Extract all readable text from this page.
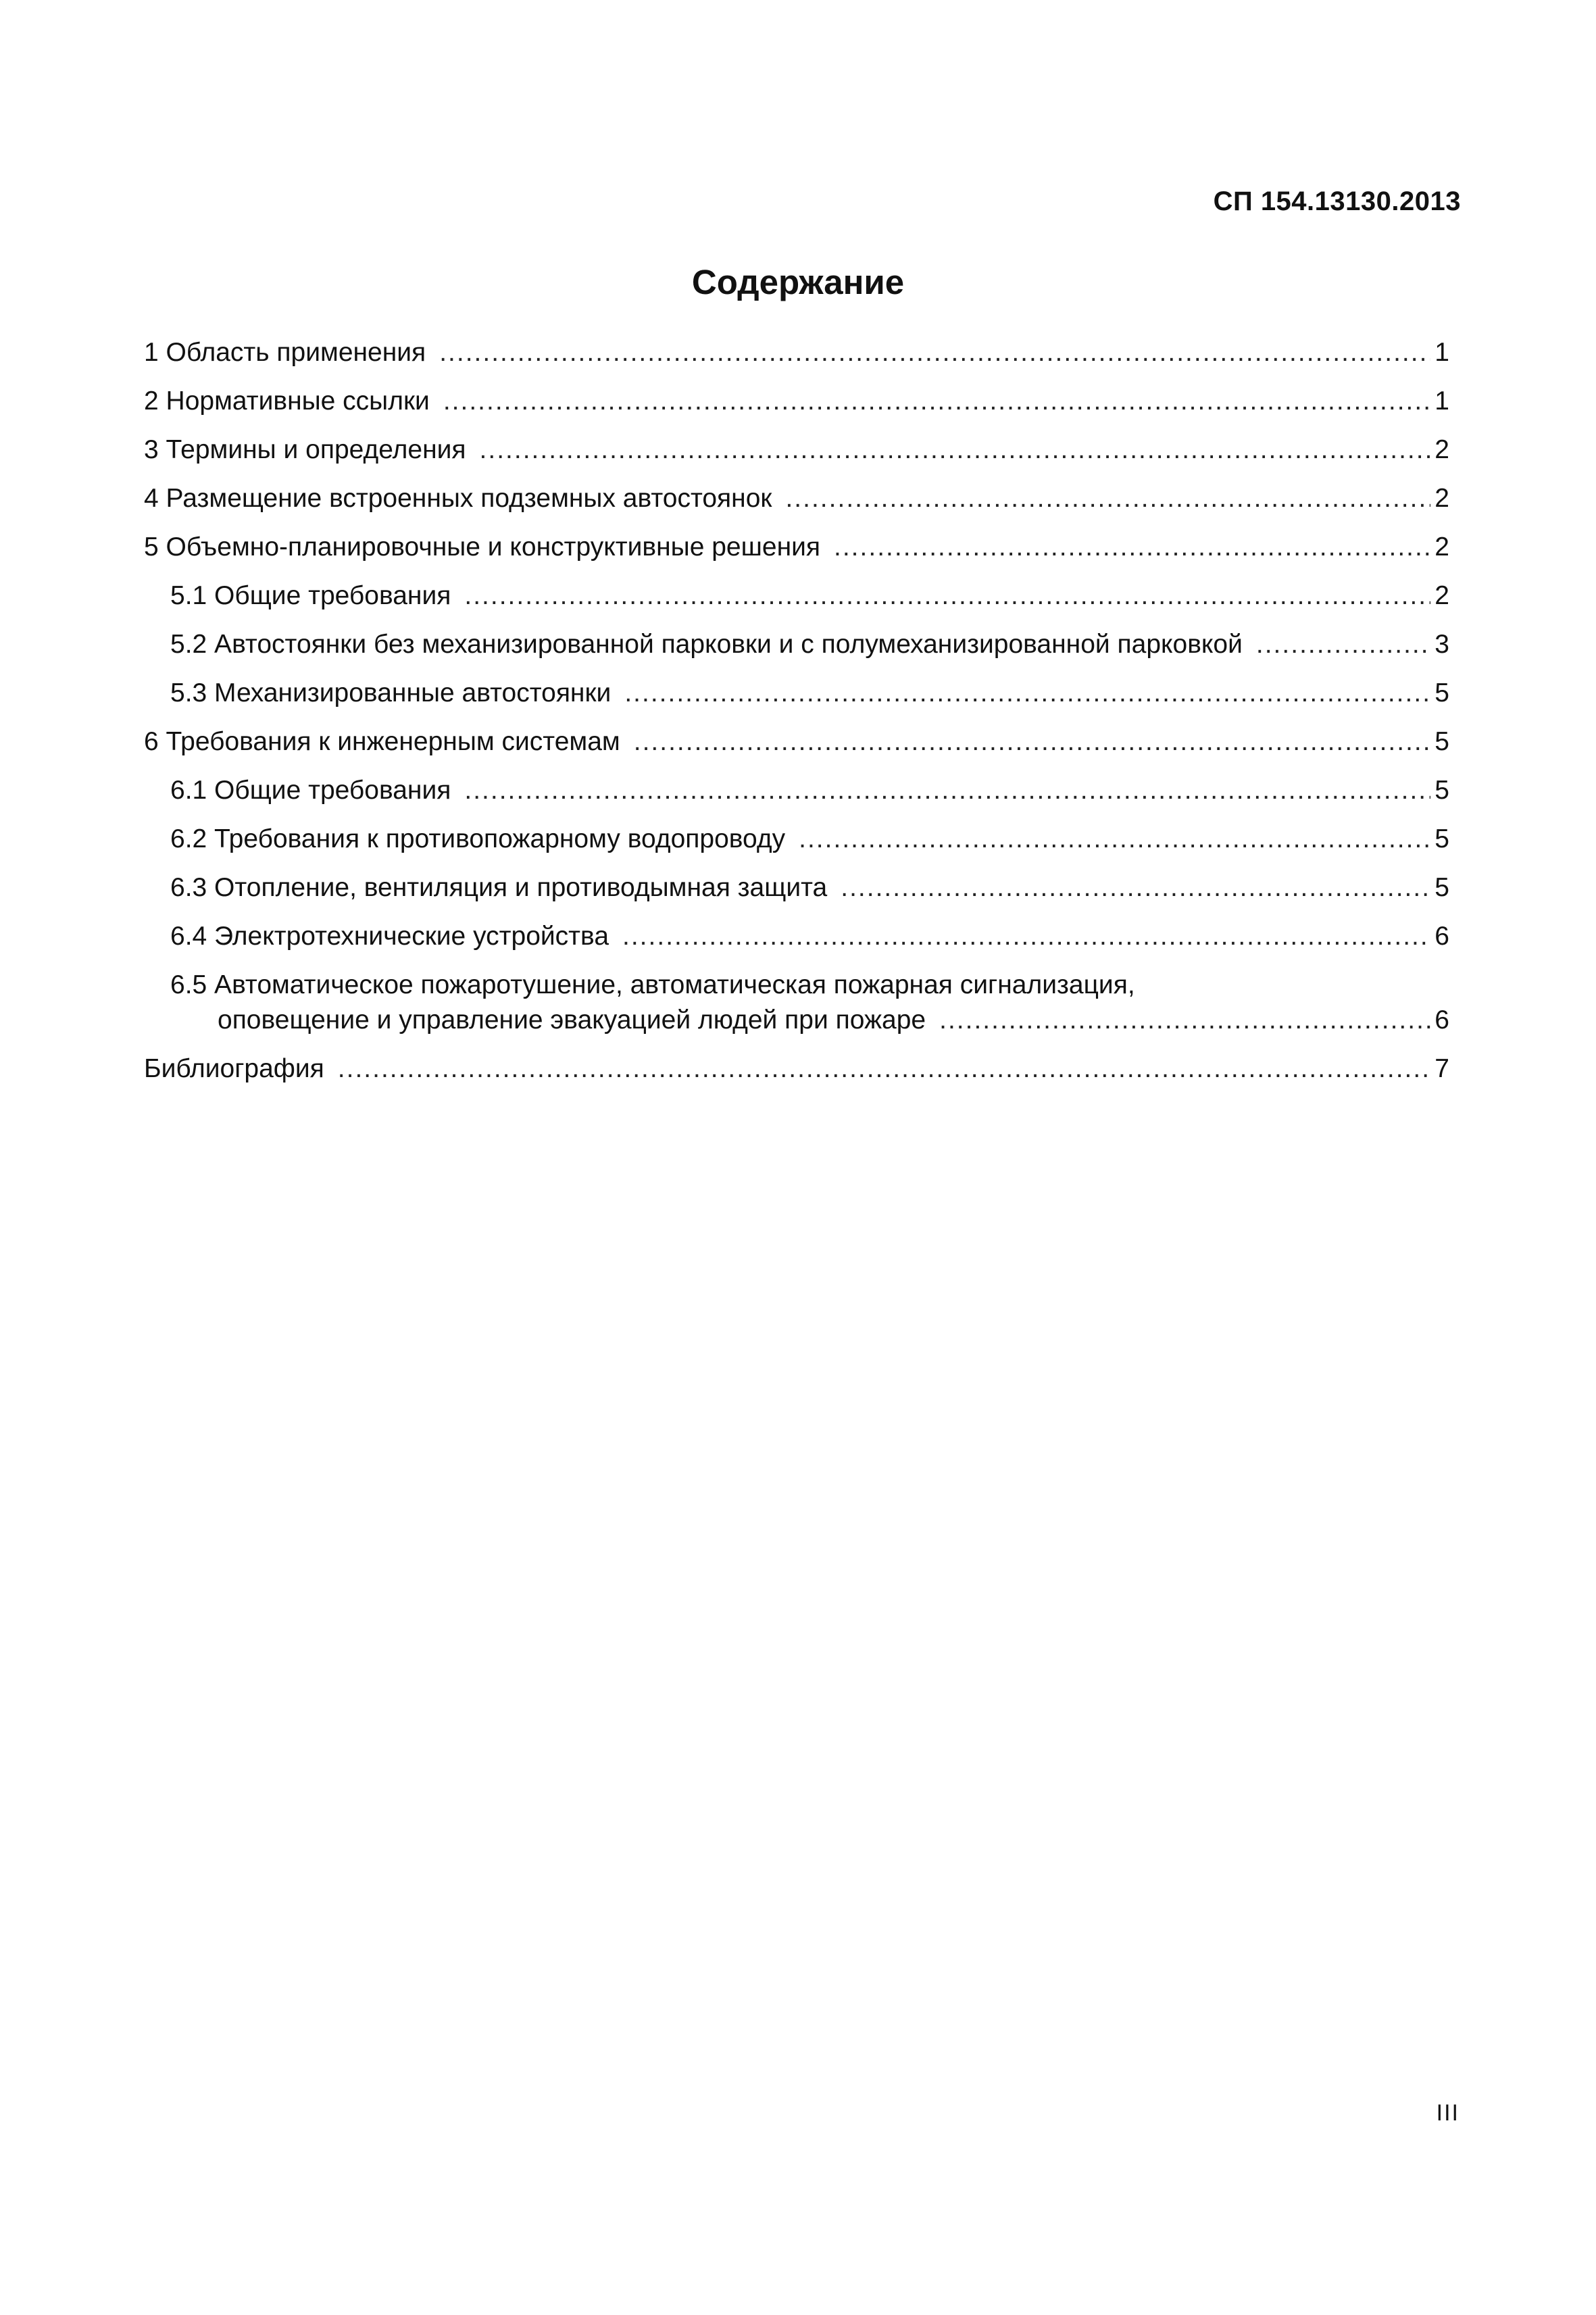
СП 154.13130.2013
Содержание
1 Область применения .....	1
2 Нормативные ссылки .....	1
3 Термины и определения .....	2
4 Размещение встроенных подземных автостоянок .....	2
5 Объемно-планировочные и конструктивные решения .....	2
5.1 Общие требования .....	2
5.2 Автостоянки без механизированной парковки и с полумеханизированной парковкой .....	3
5.3 Механизированные автостоянки .....	5
6 Требования к инженерным системам .....	5
6.1 Общие требования .....	5
6.2 Требования к противопожарному водопроводу .....	5
6.3 Отопление, вентиляция и противодымная защита .....	5
6.4 Электротехнические устройства .....	6
6.5 Автоматическое пожаротушение, автоматическая пожарная сигнализация,
оповещение и управление эвакуацией людей при пожаре .....	6
Библиография .....	7
III
